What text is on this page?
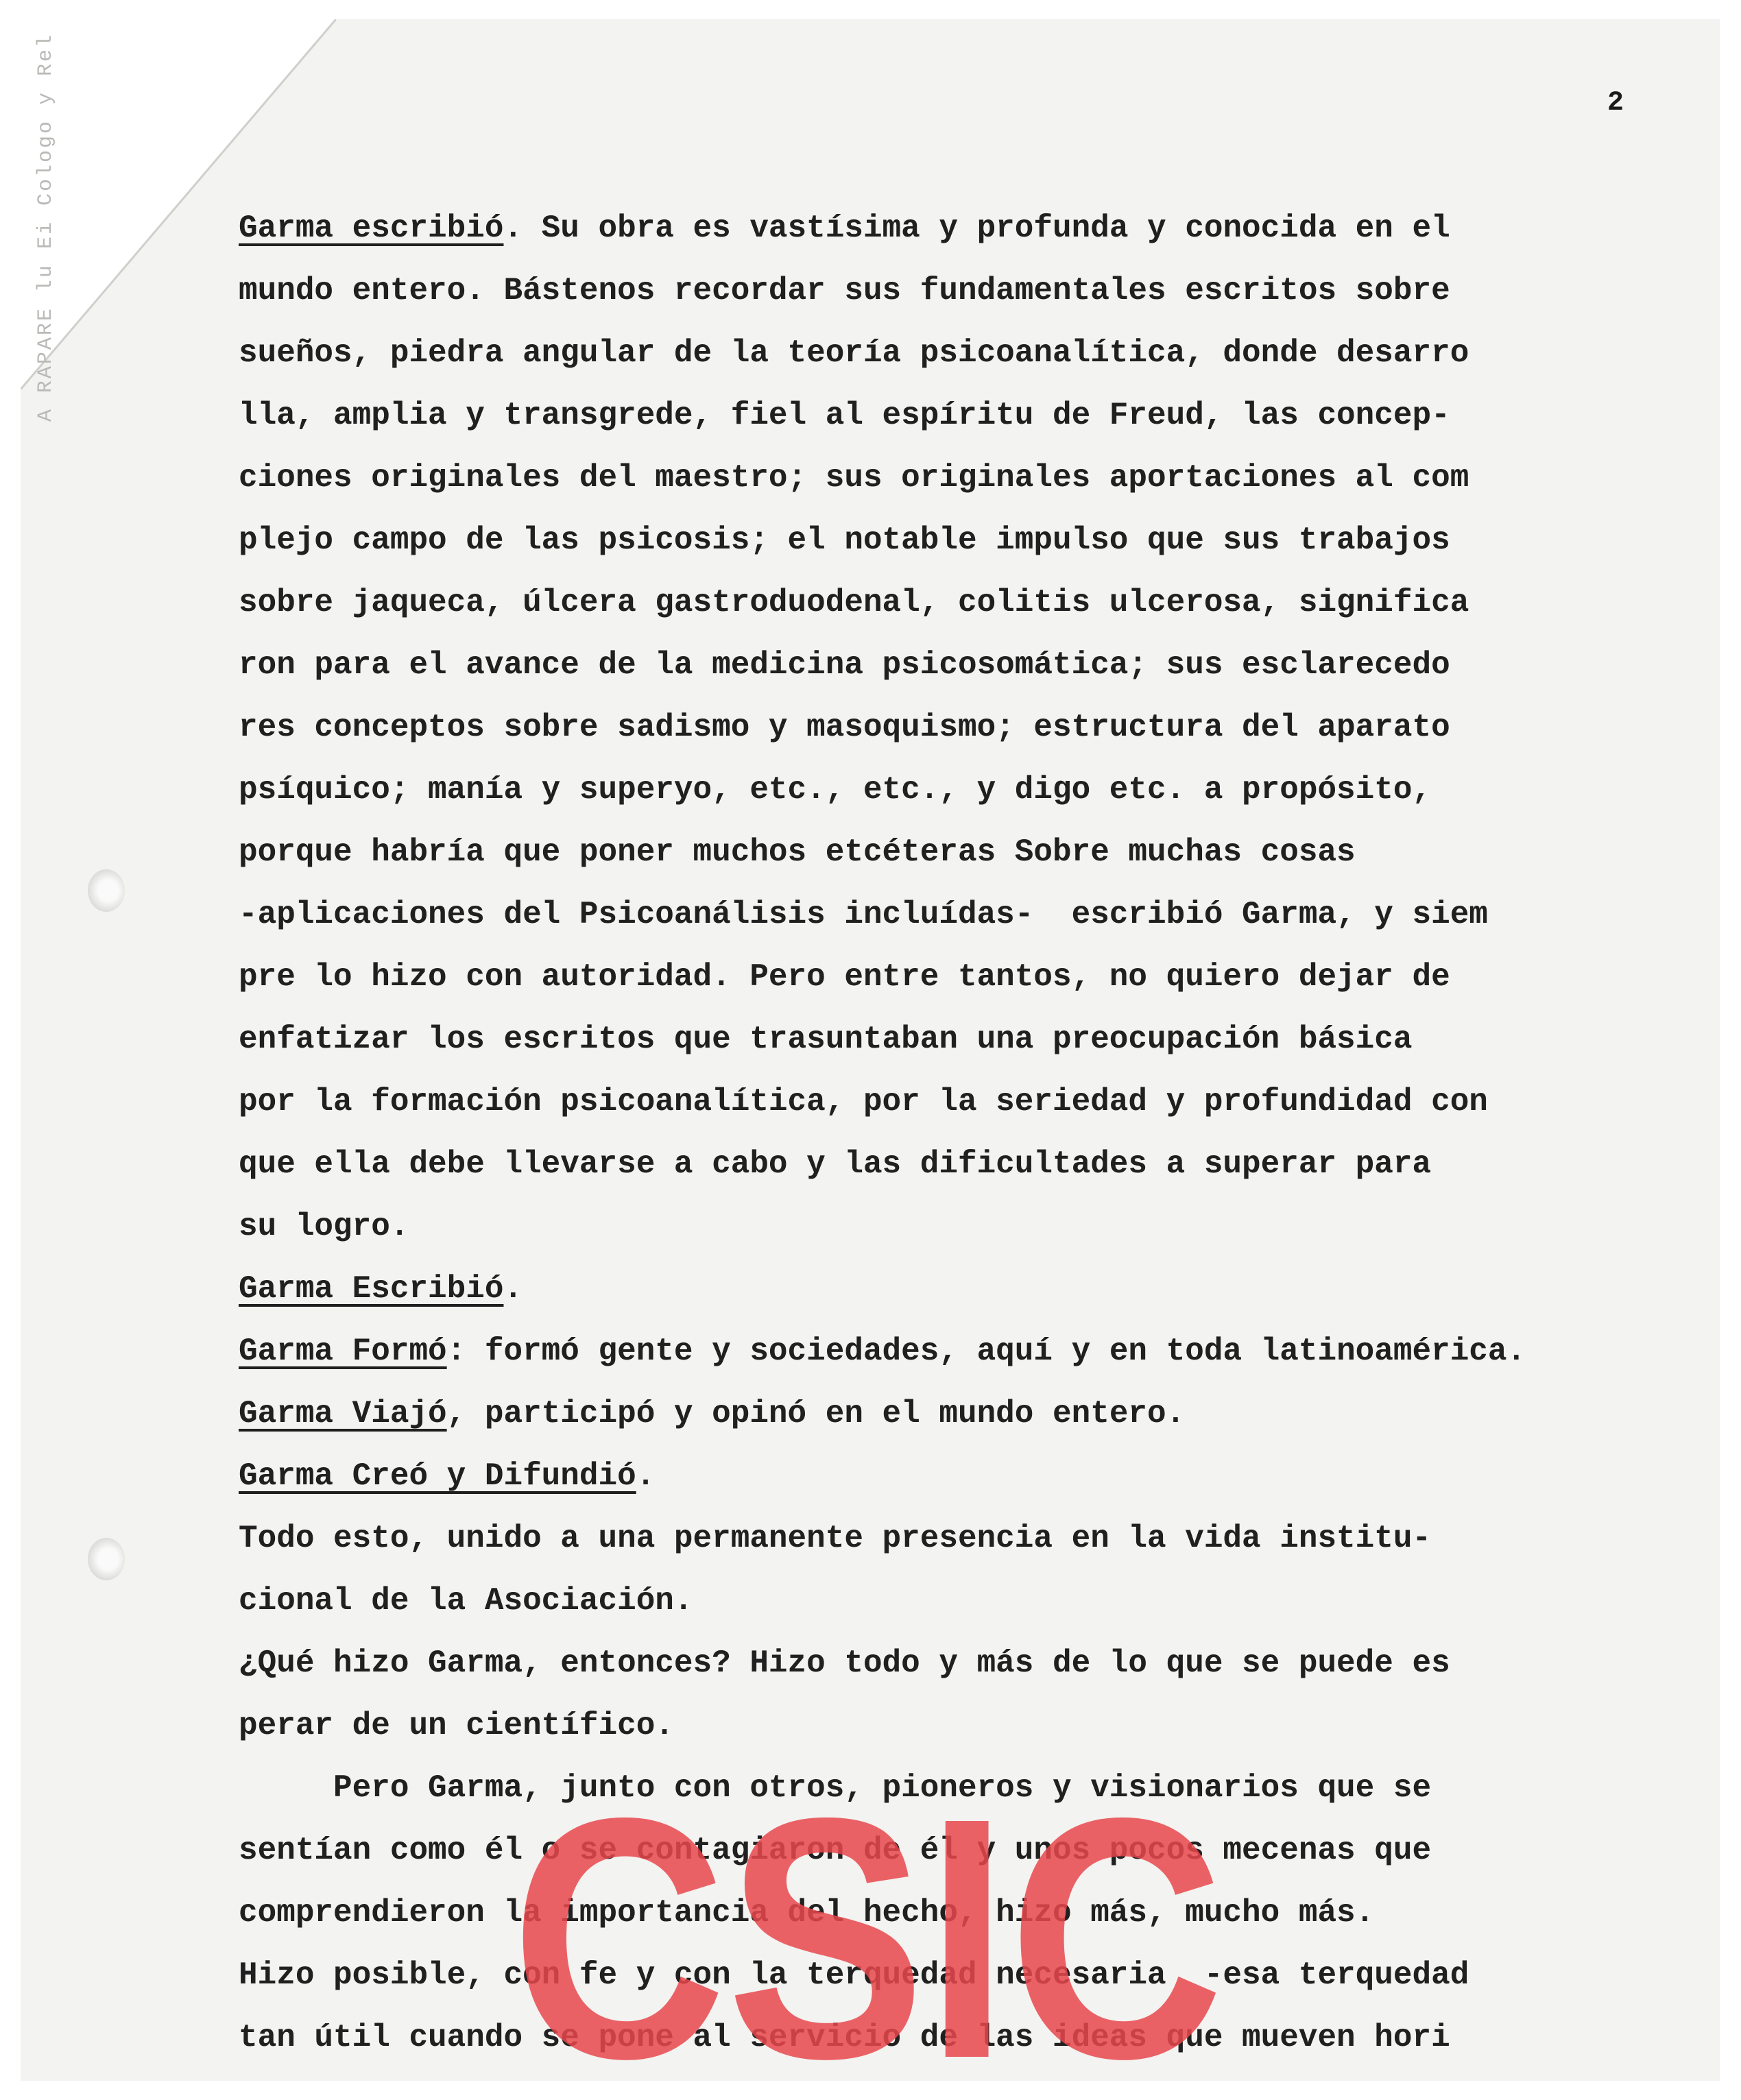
A RAPARE lu Ei Cologo y Rel	2
Garma escribió. Su obra es vastísima y profunda y conocida en el
mundo entero. Bástenos recordar sus fundamentales escritos sobre
sueños, piedra angular de la teoría psicoanalítica, donde desarro
lla, amplia y transgrede, fiel al espíritu de Freud, las concep-
ciones originales del maestro; sus originales aportaciones al com
plejo campo de las psicosis; el notable impulso que sus trabajos
sobre jaqueca, úlcera gastroduodenal, colitis ulcerosa, significa
ron para el avance de la medicina psicosomática; sus esclarecedo
res conceptos sobre sadismo y masoquismo; estructura del aparato
psíquico; manía y superyo, etc., etc., y digo etc. a propósito,
porque habría que poner muchos etcéteras Sobre muchas cosas
-aplicaciones del Psicoanálisis incluídas-  escribió Garma, y siem
pre lo hizo con autoridad. Pero entre tantos, no quiero dejar de
enfatizar los escritos que trasuntaban una preocupación básica
por la formación psicoanalítica, por la seriedad y profundidad con
que ella debe llevarse a cabo y las dificultades a superar para
su logro.
Garma Escribió.
Garma Formó: formó gente y sociedades, aquí y en toda latinoamérica.
Garma Viajó, participó y opinó en el mundo entero.
Garma Creó y Difundió.
Todo esto, unido a una permanente presencia en la vida institu-
cional de la Asociación.
¿Qué hizo Garma, entonces? Hizo todo y más de lo que se puede es
perar de un científico.
Pero Garma, junto con otros, pioneros y visionarios que se
sentían como él o se contagiaron de él y unos pocos mecenas que
comprendieron la importancia del hecho, hizo más, mucho más.
Hizo posible, con fe y con la terquedad necesaria  -esa terquedad
tan útil cuando se pone al servicio de las ideas que mueven hori
CSIC
